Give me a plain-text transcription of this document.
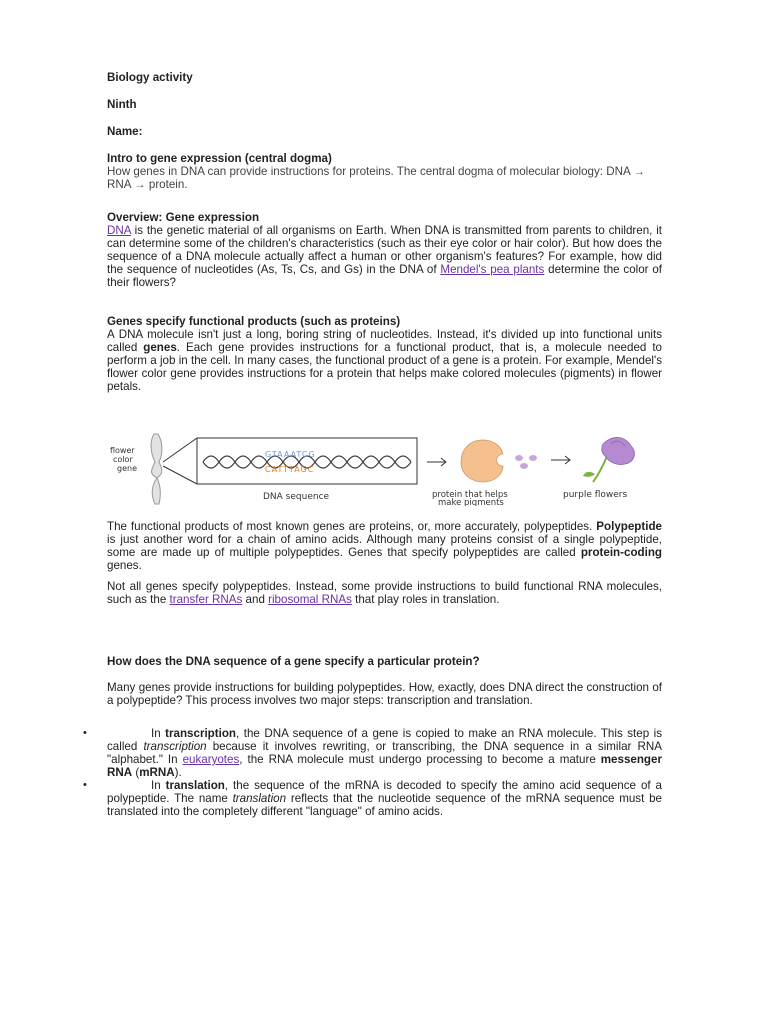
Biology activity
Ninth
Name:
Intro to gene expression (central dogma)
How genes in DNA can provide instructions for proteins. The central dogma of molecular biology: DNA → RNA → protein.
Overview: Gene expression
DNA is the genetic material of all organisms on Earth. When DNA is transmitted from parents to children, it can determine some of the children's characteristics (such as their eye color or hair color). But how does the sequence of a DNA molecule actually affect a human or other organism's features? For example, how did the sequence of nucleotides (As, Ts, Cs, and Gs) in the DNA of Mendel's pea plants determine the color of their flowers?
Genes specify functional products (such as proteins)
A DNA molecule isn't just a long, boring string of nucleotides. Instead, it's divided up into functional units called genes. Each gene provides instructions for a functional product, that is, a molecule needed to perform a job in the cell. In many cases, the functional product of a gene is a protein. For example, Mendel's flower color gene provides instructions for a protein that helps make colored molecules (pigments) in flower petals.
flower
color
gene
GTAAATCG
CATTTAGC
DNA sequence	protein that helps
make pigments
purple flowers
The functional products of most known genes are proteins, or, more accurately, polypeptides. Polypeptide is just another word for a chain of amino acids. Although many proteins consist of a single polypeptide, some are made up of multiple polypeptides. Genes that specify polypeptides are called protein-coding genes.
Not all genes specify polypeptides. Instead, some provide instructions to build functional RNA molecules, such as the transfer RNAs and ribosomal RNAs that play roles in translation.
How does the DNA sequence of a gene specify a particular protein?
Many genes provide instructions for building polypeptides. How, exactly, does DNA direct the construction of a polypeptide? This process involves two major steps: transcription and translation.
•	In transcription, the DNA sequence of a gene is copied to make an RNA molecule. This step is called transcription because it involves rewriting, or transcribing, the DNA sequence in a similar RNA "alphabet." In eukaryotes, the RNA molecule must undergo processing to become a mature messenger RNA (mRNA).
•	In translation, the sequence of the mRNA is decoded to specify the amino acid sequence of a polypeptide. The name translation reflects that the nucleotide sequence of the mRNA sequence must be translated into the completely different "language" of amino acids.
